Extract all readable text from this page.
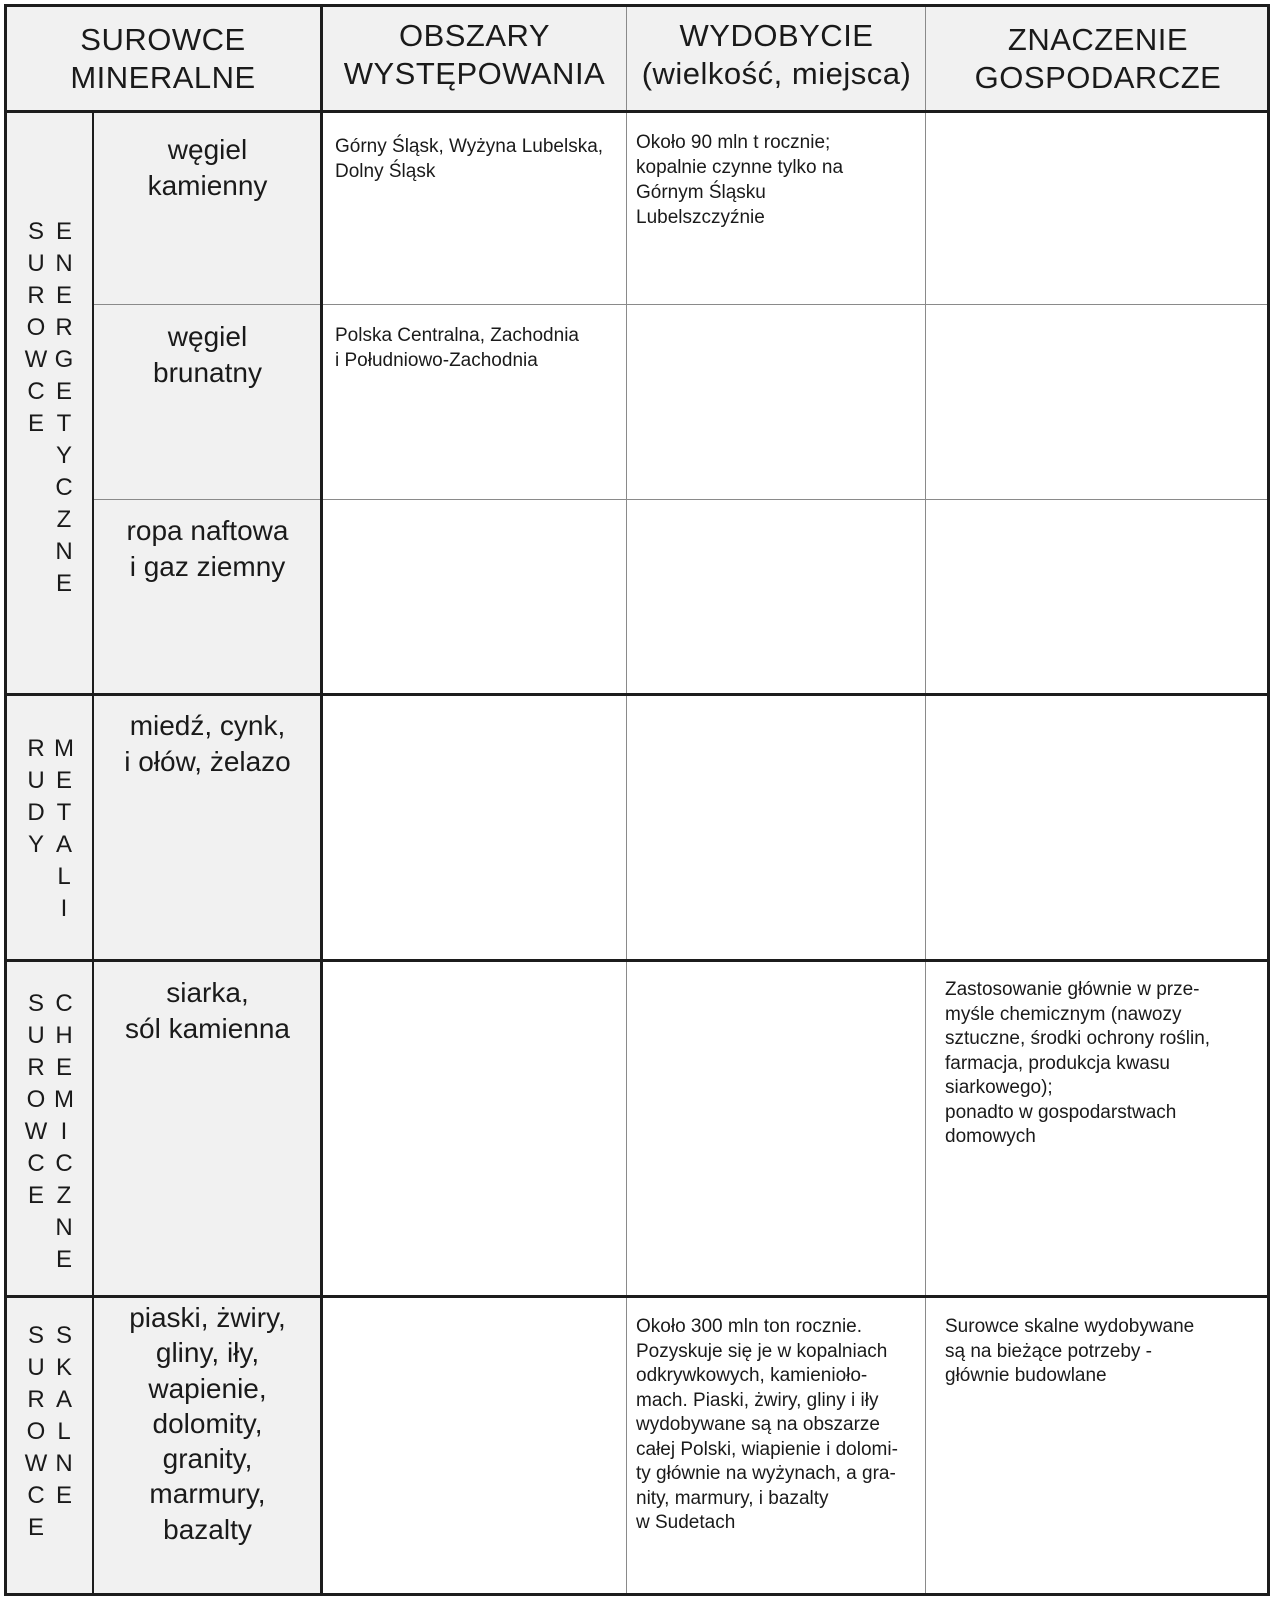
SUROWCE
MINERALNE
OBSZARY
WYSTĘPOWANIA
WYDOBYCIE
(wielkość, miejsca)
ZNACZENIE
GOSPODARCZE
S
U
R
O
W
C
E
E
N
E
R
G
E
T
Y
C
Z
N
E
R
U
D
Y
M
E
T
A
L
I
S
U
R
O
W
C
E
C
H
E
M
I
C
Z
N
E
S
U
R
O
W
C
E
S
K
A
L
N
E
węgiel
kamienny
węgiel
brunatny
ropa naftowa
i gaz ziemny
miedź, cynk,
i ołów, żelazo
siarka,
sól kamienna
piaski, żwiry,
gliny, iły,
wapienie,
dolomity,
granity,
marmury,
bazalty
Górny Śląsk, Wyżyna Lubelska,
Dolny Śląsk
Polska Centralna, Zachodnia
i Południowo-Zachodnia
Około 90 mln t rocznie;
kopalnie czynne tylko na
Górnym Śląsku
Lubelszczyźnie
Około 300 mln ton rocznie.
Pozyskuje się je w kopalniach
odkrywkowych, kamienioło-
mach. Piaski, żwiry, gliny i iły
wydobywane są na obszarze
całej Polski, wiapienie i dolomi-
ty głównie na wyżynach, a gra-
nity, marmury, i bazalty
w Sudetach
Zastosowanie głównie w prze-
myśle chemicznym (nawozy
sztuczne, środki ochrony roślin,
farmacja, produkcja kwasu
siarkowego);
ponadto w gospodarstwach
domowych
Surowce skalne wydobywane
są na bieżące potrzeby -
głównie budowlane
